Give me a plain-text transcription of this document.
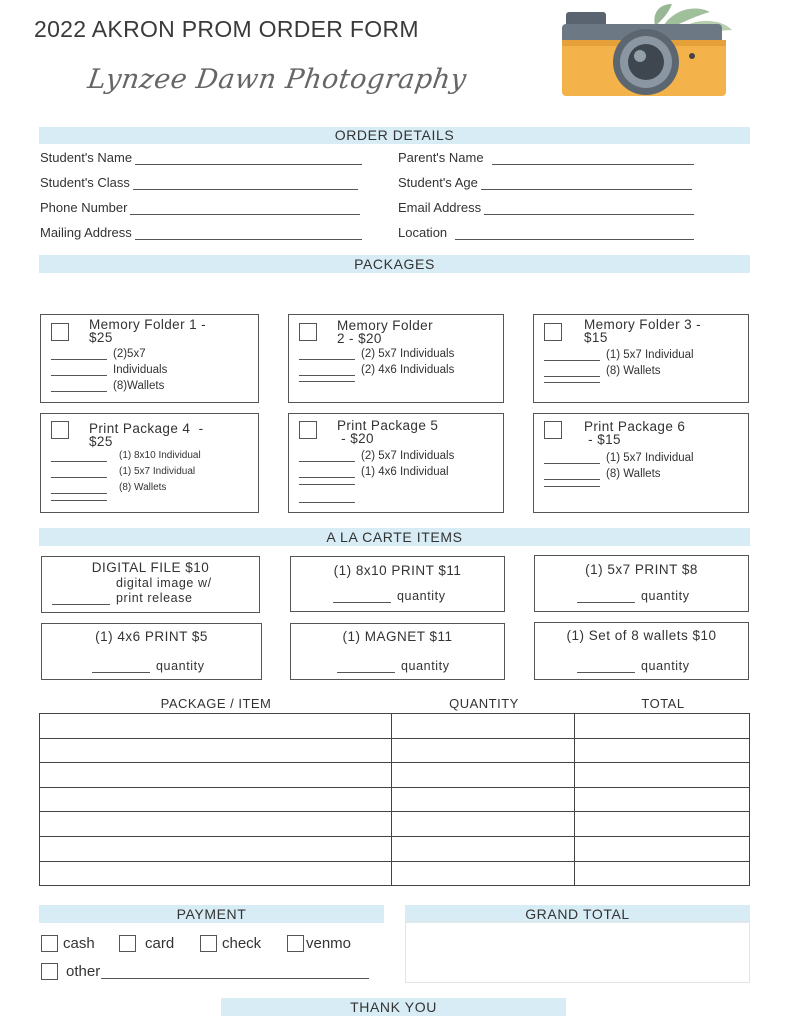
2022 AKRON PROM ORDER FORM
Lynzee Dawn Photography
ORDER DETAILS
Student's Name
Student's Class
Phone Number
Mailing Address
Parent's Name
Student's Age
Email Address
Location
PACKAGES
Memory Folder 1 -
$25
(2)5x7
Individuals
(8)Wallets
Memory Folder
2 - $20
(2) 5x7 Individuals
(2) 4x6 Individuals
Memory Folder 3 -
$15
(1) 5x7 Individual
(8) Wallets
Print Package 4  -
$25
(1) 8x10 Individual
(1) 5x7 Individual
(8) Wallets
Print Package 5
- $20
(2) 5x7 Individuals
(1) 4x6 Individual
Print Package 6
- $15
(1) 5x7 Individual
(8) Wallets
A LA CARTE ITEMS
DIGITAL FILE $10
digital image w/
print release
(1) 8x10 PRINT $11
quantity
(1) 5x7 PRINT $8
quantity
(1) 4x6 PRINT $5
quantity
(1) MAGNET $11
quantity
(1) Set of 8 wallets $10
quantity
PACKAGE / ITEM	QUANTITY	TOTAL

PAYMENT	GRAND TOTAL
cash	card	check	venmo
other
THANK YOU
